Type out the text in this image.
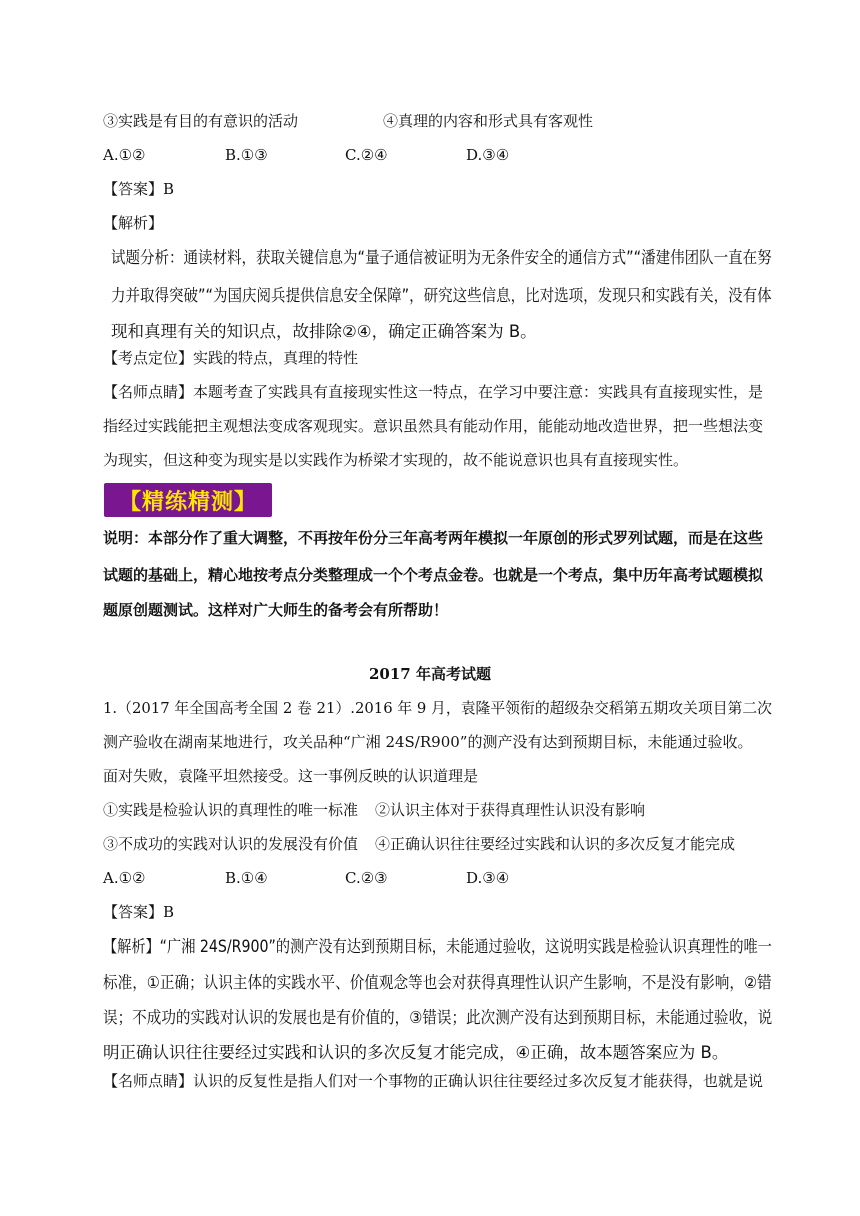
③实践是有目的有意识的活动	④真理的内容和形式具有客观性
A.①②	B.①③	C.②④	D.③④
【答案】B
【解析】
试题分析：通读材料，获取关键信息为“量子通信被证明为无条件安全的通信方式”“潘建伟团队一直在努
力并取得突破”“为国庆阅兵提供信息安全保障”，研究这些信息，比对选项，发现只和实践有关，没有体
现和真理有关的知识点，故排除②④，确定正确答案为 B。
【考点定位】实践的特点，真理的特性
【名师点睛】本题考查了实践具有直接现实性这一特点，在学习中要注意：实践具有直接现实性，是
指经过实践能把主观想法变成客观现实。意识虽然具有能动作用，能能动地改造世界，把一些想法变
为现实，但这种变为现实是以实践作为桥梁才实现的，故不能说意识也具有直接现实性。
【精练精测】
说明：本部分作了重大调整，不再按年份分三年高考两年模拟一年原创的形式罗列试题，而是在这些
试题的基础上，精心地按考点分类整理成一个个考点金卷。也就是一个考点，集中历年高考试题模拟
题原创题测试。这样对广大师生的备考会有所帮助！
2017 年高考试题
1.（2017 年全国高考全国 2 卷 21）.2016 年 9 月，袁隆平领衔的超级杂交稻第五期攻关项目第二次
测产验收在湖南某地进行，攻关品种“广湘 24S/R900”的测产没有达到预期目标，未能通过验收。
面对失败，袁隆平坦然接受。这一事例反映的认识道理是
①实践是检验认识的真理性的唯一标准 ②认识主体对于获得真理性认识没有影响
③不成功的实践对认识的发展没有价值 ④正确认识往往要经过实践和认识的多次反复才能完成
A.①②	B.①④	C.②③	D.③④
【答案】B
【解析】“广湘 24S/R900”的测产没有达到预期目标，未能通过验收，这说明实践是检验认识真理性的唯一
标准，①正确；认识主体的实践水平、价值观念等也会对获得真理性认识产生影响，不是没有影响，②错
误；不成功的实践对认识的发展也是有价值的，③错误；此次测产没有达到预期目标，未能通过验收，说
明正确认识往往要经过实践和认识的多次反复才能完成，④正确，故本题答案应为 B。
【名师点睛】认识的反复性是指人们对一个事物的正确认识往往要经过多次反复才能获得，也就是说
